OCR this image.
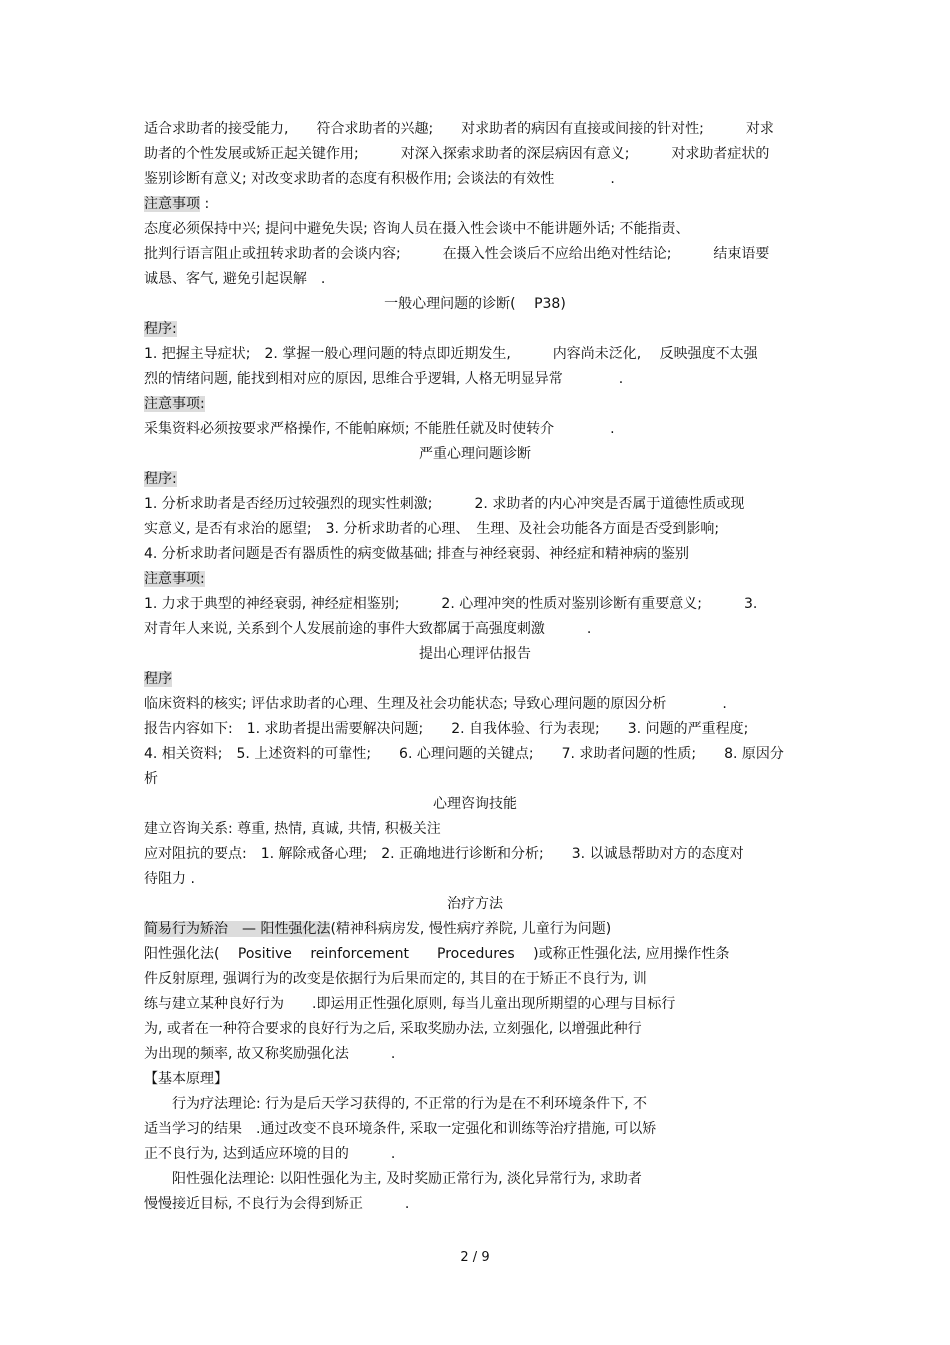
适合求助者的接受能力,　　符合求助者的兴趣;　　对求助者的病因有直接或间接的针对性;　　　对求
助者的个性发展或矫正起关键作用;　　　对深入探索求助者的深层病因有意义;　　　对求助者症状的
鉴别诊断有意义; 对改变求助者的态度有积极作用; 会谈法的有效性　　　　.
注意事项 :
态度必须保持中兴; 提问中避免失误; 咨询人员在摄入性会谈中不能讲题外话; 不能指责、
批判行语言阻止或扭转求助者的会谈内容;　　　在摄入性会谈后不应给出绝对性结论;　　　结束语要
诚恳、客气, 避免引起误解　.
一般心理问题的诊断(　 P38)
程序:
1. 把握主导症状;　2. 掌握一般心理问题的特点即近期发生,　　　内容尚未泛化,　 反映强度不太强
烈的情绪问题, 能找到相对应的原因, 思维合乎逻辑, 人格无明显异常　　　　.
注意事项:
采集资料必须按要求严格操作, 不能帕麻烦; 不能胜任就及时使转介　　　　.
严重心理问题诊断
程序:
1. 分析求助者是否经历过较强烈的现实性刺激;　　　2. 求助者的内心冲突是否属于道德性质或现
实意义, 是否有求治的愿望;　3. 分析求助者的心理、　生理、及社会功能各方面是否受到影响;
4. 分析求助者问题是否有器质性的病变做基础; 排查与神经衰弱、神经症和精神病的鉴别
注意事项:
1. 力求于典型的神经衰弱, 神经症相鉴别;　　　2. 心理冲突的性质对鉴别诊断有重要意义;　　　3.
对青年人来说, 关系到个人发展前途的事件大致都属于高强度刺激　　　.
提出心理评估报告
程序
临床资料的核实; 评估求助者的心理、生理及社会功能状态; 导致心理问题的原因分析　　　　.
报告内容如下:　1. 求助者提出需要解决问题;　　2. 自我体验、行为表现;　　3. 问题的严重程度;
4. 相关资料;　5. 上述资料的可靠性;　　6. 心理问题的关键点;　　7. 求助者问题的性质;　　8. 原因分
析
心理咨询技能
建立咨询关系: 尊重, 热情, 真诚, 共情, 积极关注
应对阻抗的要点:　1. 解除戒备心理;　2. 正确地进行诊断和分析;　　3. 以诚恳帮助对方的态度对
待阻力 .
治疗方法
简易行为矫治　— 阳性强化法(精神科病房发, 慢性病疗养院, 儿童行为问题)
阳性强化法(　 Positive　 reinforcement　　Procedures　 )或称正性强化法, 应用操作性条
件反射原理, 强调行为的改变是依据行为后果而定的, 其目的在于矫正不良行为, 训
练与建立某种良好行为　　.即运用正性强化原则, 每当儿童出现所期望的心理与目标行
为, 或者在一种符合要求的良好行为之后, 采取奖励办法, 立刻强化, 以增强此种行
为出现的频率, 故又称奖励强化法　　　.
【基本原理】
　　行为疗法理论: 行为是后天学习获得的, 不正常的行为是在不利环境条件下, 不
适当学习的结果　.通过改变不良环境条件, 采取一定强化和训练等治疗措施, 可以矫
正不良行为, 达到适应环境的目的　　　.
　　阳性强化法理论: 以阳性强化为主, 及时奖励正常行为, 淡化异常行为, 求助者
慢慢接近目标, 不良行为会得到矫正　　　.
2 / 9
